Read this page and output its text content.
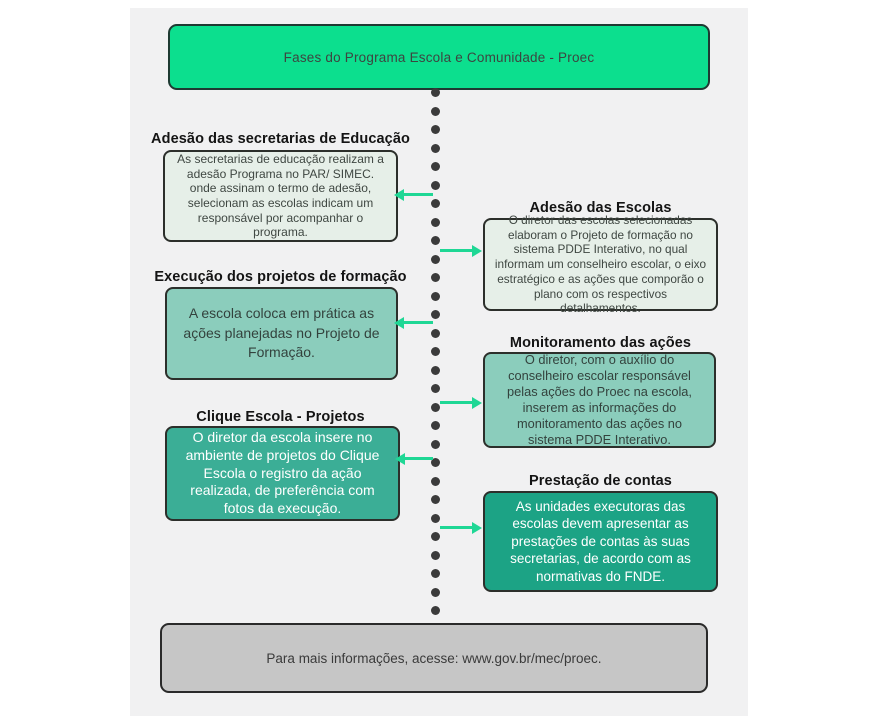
Fases do Programa Escola e Comunidade - Proec
Adesão das secretarias de Educação
As secretarias de educação realizam a adesão Programa no PAR/ SIMEC. onde assinam o termo de adesão, selecionam as escolas indicam um responsável por acompanhar o programa.
Adesão das Escolas
O diretor das escolas selecionadas elaboram o Projeto de formação no sistema PDDE Interativo, no qual informam um conselheiro escolar, o eixo estratégico e as ações que comporão o plano com os respectivos detalhamentos.
Execução dos projetos de formação
A escola coloca em prática as ações planejadas no Projeto de Formação.
Monitoramento das ações
O diretor, com o auxílio do conselheiro escolar responsável pelas ações do Proec na escola, inserem as informações do monitoramento das ações no sistema PDDE Interativo.
Clique Escola - Projetos
O diretor da escola insere no ambiente de projetos do Clique Escola o registro da ação realizada, de preferência com fotos da execução.
Prestação de contas
As unidades executoras das escolas devem apresentar as prestações de contas às suas secretarias, de acordo com as normativas do FNDE.
Para mais informações, acesse: www.gov.br/mec/proec.
